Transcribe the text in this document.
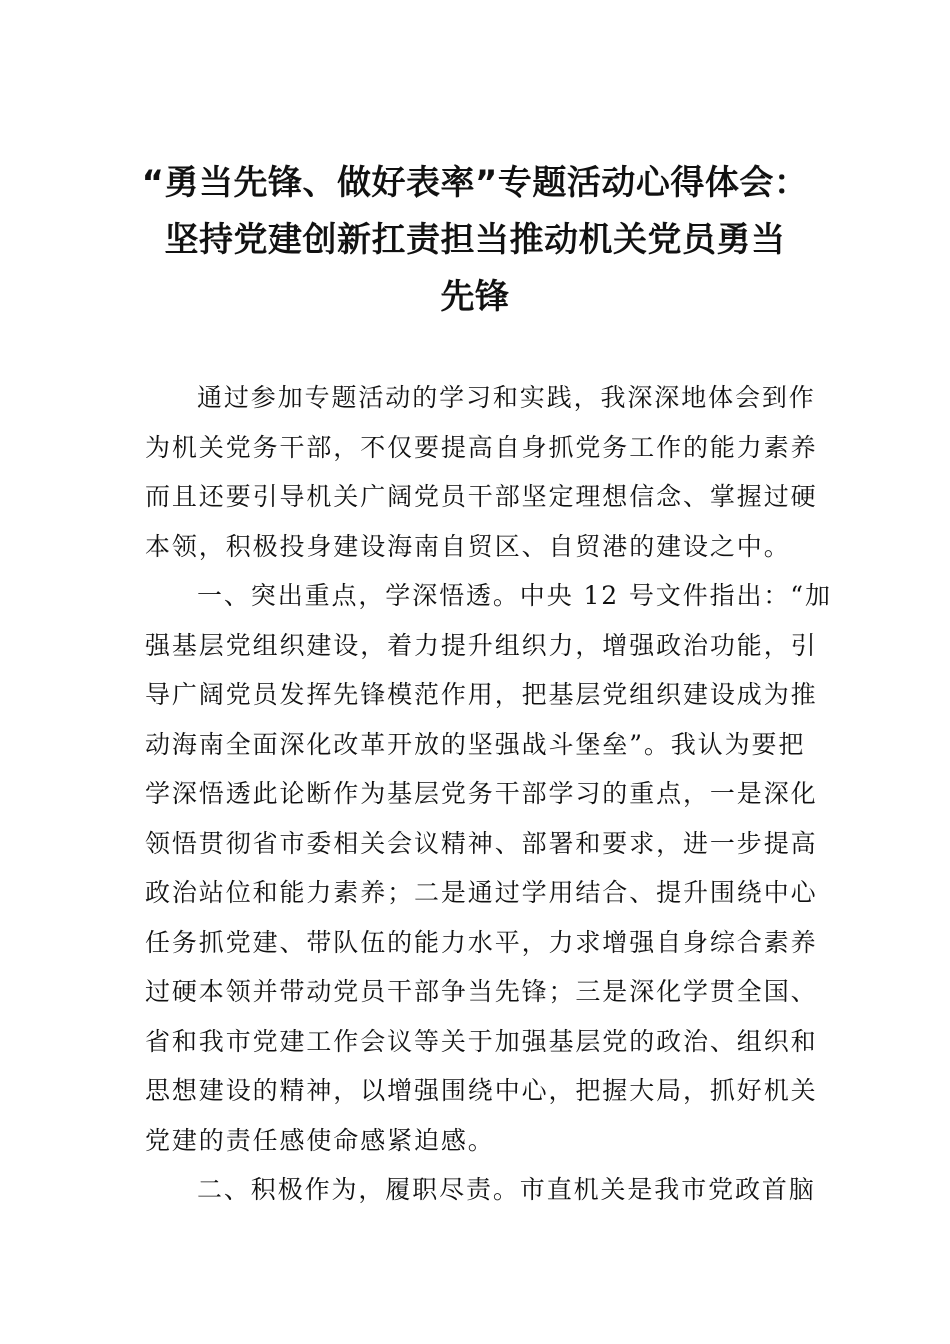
“勇当先锋、做好表率”专题活动心得体会：
坚持党建创新扛责担当推动机关党员勇当
先锋

通过参加专题活动的学习和实践，我深深地体会到作
为机关党务干部，不仅要提高自身抓党务工作的能力素养
而且还要引导机关广阔党员干部坚定理想信念、掌握过硬
本领，积极投身建设海南自贸区、自贸港的建设之中。

一、突出重点，学深悟透。中央 12 号文件指出：“加
强基层党组织建设，着力提升组织力，增强政治功能，引
导广阔党员发挥先锋模范作用，把基层党组织建设成为推
动海南全面深化改革开放的坚强战斗堡垒”。我认为要把
学深悟透此论断作为基层党务干部学习的重点，一是深化
领悟贯彻省市委相关会议精神、部署和要求，进一步提高
政治站位和能力素养；二是通过学用结合、提升围绕中心
任务抓党建、带队伍的能力水平，力求增强自身综合素养
过硬本领并带动党员干部争当先锋；三是深化学贯全国、
省和我市党建工作会议等关于加强基层党的政治、组织和
思想建设的精神，以增强围绕中心，把握大局，抓好机关
党建的责任感使命感紧迫感。

二、积极作为，履职尽责。市直机关是我市党政首脑
